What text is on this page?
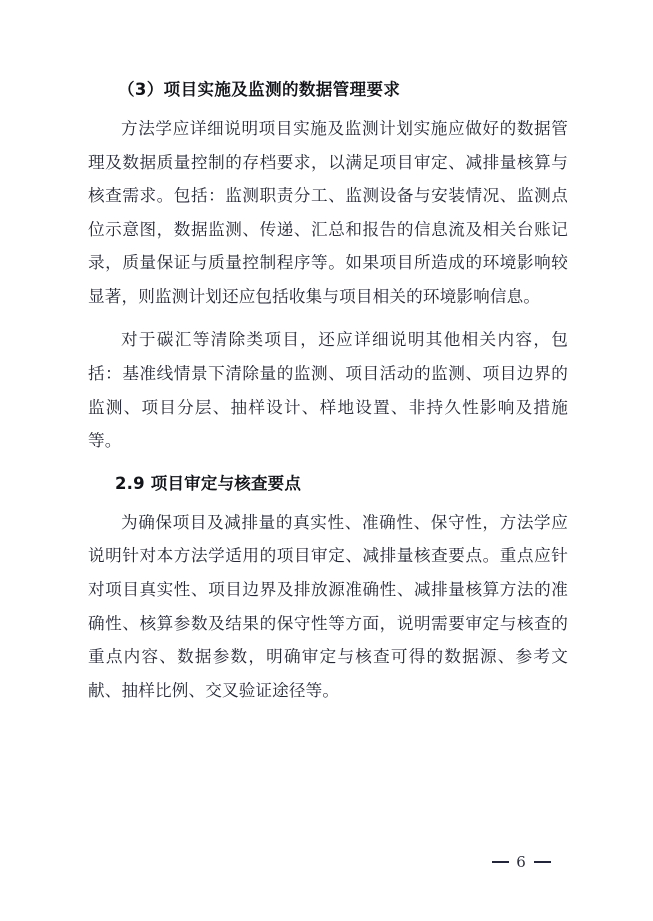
（3）项目实施及监测的数据管理要求

方法学应详细说明项目实施及监测计划实施应做好的数据管理及数据质量控制的存档要求，以满足项目审定、减排量核算与核查需求。包括：监测职责分工、监测设备与安装情况、监测点位示意图，数据监测、传递、汇总和报告的信息流及相关台账记录，质量保证与质量控制程序等。如果项目所造成的环境影响较显著，则监测计划还应包括收集与项目相关的环境影响信息。

对于碳汇等清除类项目，还应详细说明其他相关内容，包括：基准线情景下清除量的监测、项目活动的监测、项目边界的监测、项目分层、抽样设计、样地设置、非持久性影响及措施等。

2.9 项目审定与核查要点

为确保项目及减排量的真实性、准确性、保守性，方法学应说明针对本方法学适用的项目审定、减排量核查要点。重点应针对项目真实性、项目边界及排放源准确性、减排量核算方法的准确性、核算参数及结果的保守性等方面，说明需要审定与核查的重点内容、数据参数，明确审定与核查可得的数据源、参考文献、抽样比例、交叉验证途径等。

6
